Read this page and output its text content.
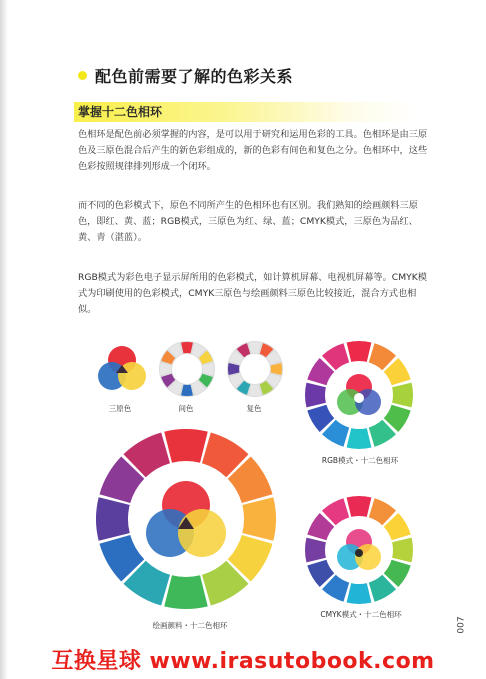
配色前需要了解的色彩关系
掌握十二色相环

色相环是配色前必须掌握的内容，是可以用于研究和运用色彩的工具。色相环是由三原色及三原色混合后产生的新色彩组成的，新的色彩有间色和复色之分。色相环中，这些色彩按照规律排列形成一个闭环。

而不同的色彩模式下，原色不同所产生的色相环也有区别。我们熟知的绘画颜料三原色，即红、黄、蓝；RGB模式，三原色为红、绿、蓝；CMYK模式，三原色为品红、黄、青（湛蓝）。

RGB模式为彩色电子显示屏所用的色彩模式，如计算机屏幕、电视机屏幕等。CMYK模式为印刷使用的色彩模式，CMYK三原色与绘画颜料三原色比较接近，混合方式也相似。

三原色	间色	复色
RGB模式・十二色相环
绘画颜料・十二色相环
CMYK模式・十二色相环
007
互换星球 www.irasutobook.com
